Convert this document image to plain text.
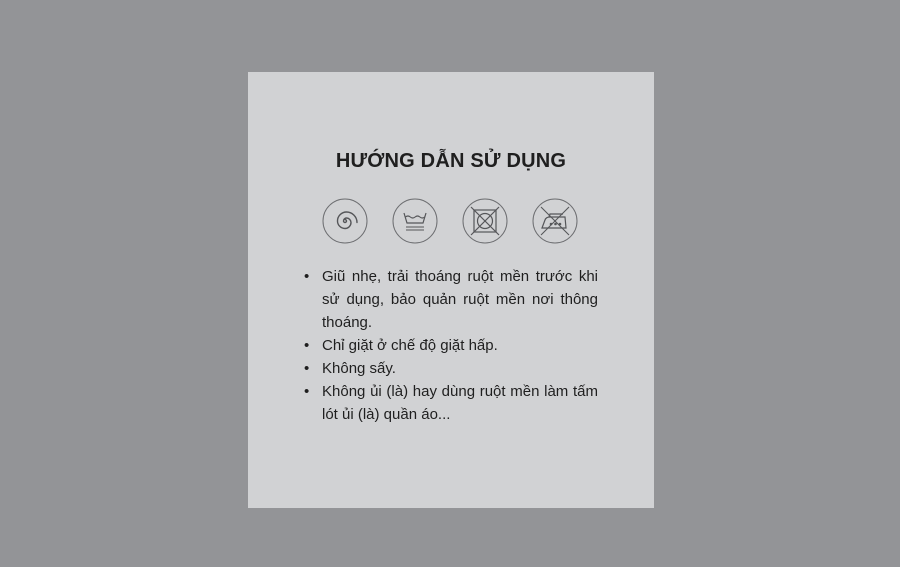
HƯỚNG DẪN SỬ DỤNG
• Giũ nhẹ, trải thoáng ruột mền trước khi sử dụng, bảo quản ruột mền nơi thông thoáng.
• Chỉ giặt ở chế độ giặt hấp.
• Không sấy.
• Không ủi (là) hay dùng ruột mền làm tấm lót ủi (là) quần áo...
